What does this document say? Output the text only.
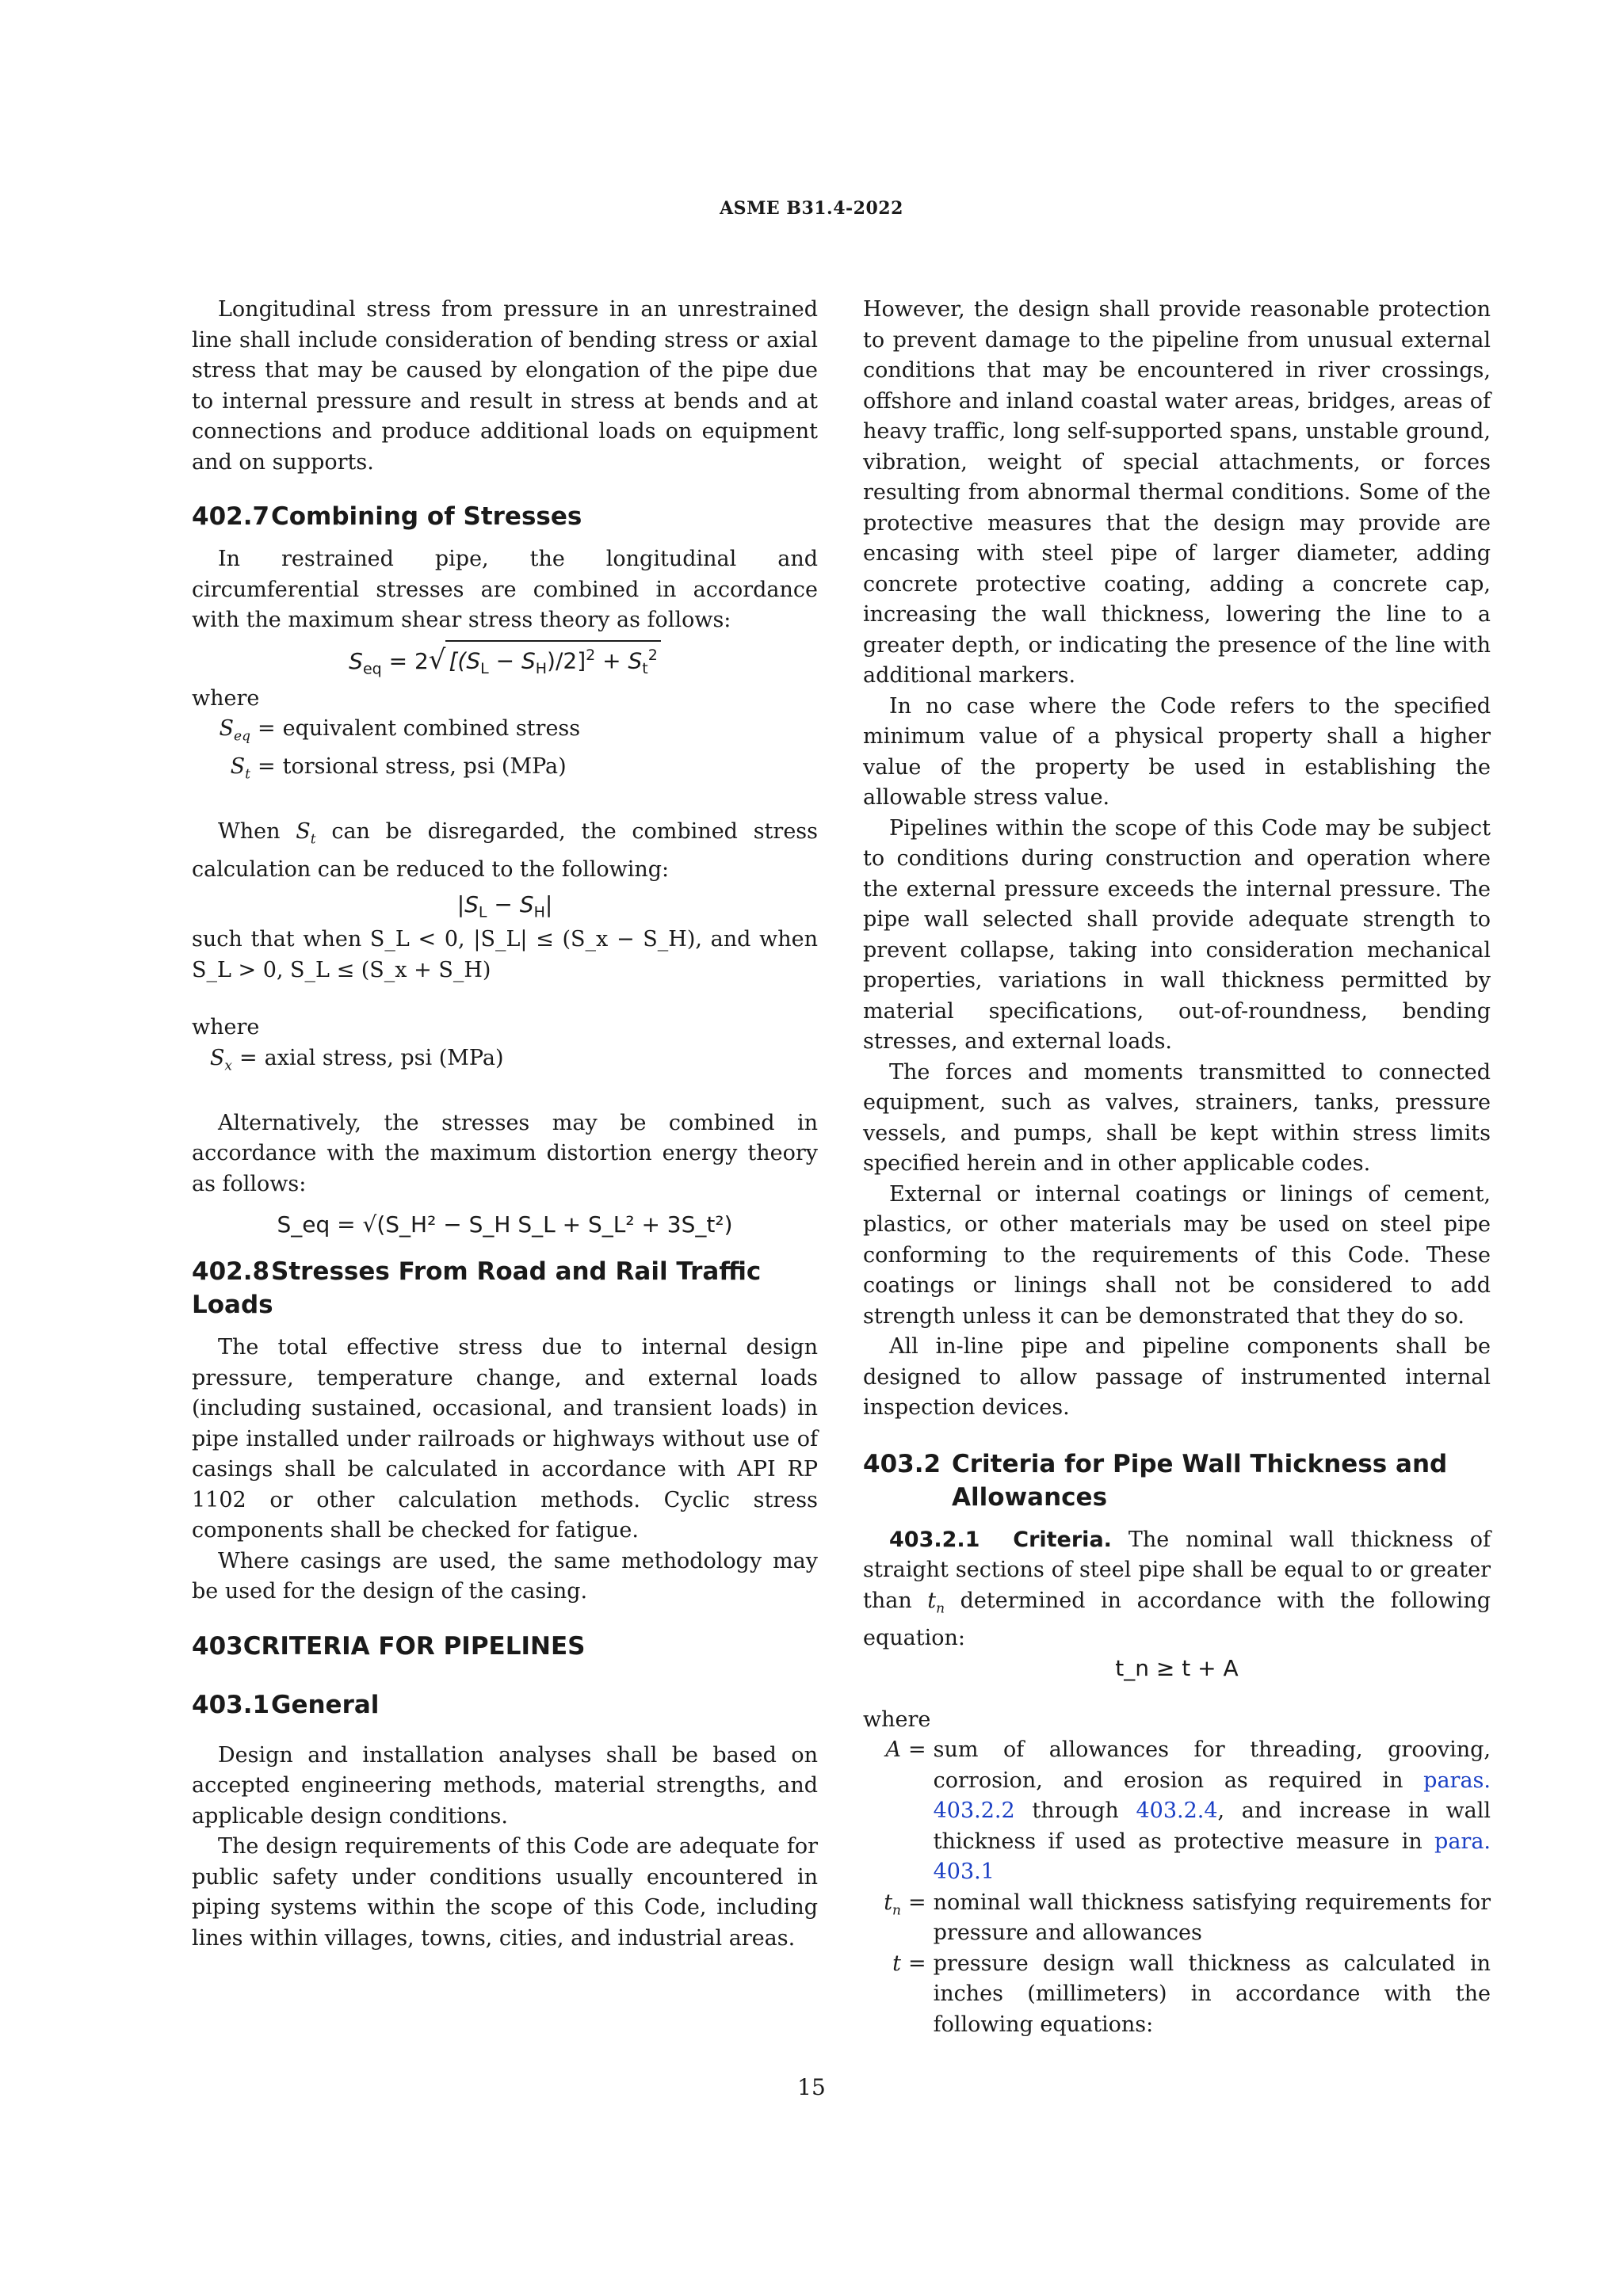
ASME B31.4-2022

Longitudinal stress from pressure in an unrestrained line shall include consideration of bending stress or axial stress that may be caused by elongation of the pipe due to internal pressure and result in stress at bends and at connections and produce additional loads on equipment and on supports.

402.7Combining of Stresses

In restrained pipe, the longitudinal and circumferential stresses are combined in accordance with the maximum shear stress theory as follows:

$S_{eq} = 2√$ $[(S_L - S_H)/2]^2 + S_t^2$

where

$S_{eq}$ = equivalent combined stress
$S_t$ = torsional stress, psi (MPa)

When $S_t$ can be disregarded, the combined stress calculation can be reduced to the following:

$|S_L - S_H|$

such that when S_L < 0, |S_L| ≤ (S_x − S_H), and when S_L > 0, S_L ≤ (S_x + S_H)

where

$S_x$ = axial stress, psi (MPa)

Alternatively, the stresses may be combined in accordance with the maximum distortion energy theory as follows:

S_eq = √(S_H² − S_H S_L + S_L² + 3S_t²)
402.8Stresses From Road and Rail Traffic Loads

The total effective stress due to internal design pressure, temperature change, and external loads (including sustained, occasional, and transient loads) in pipe installed under railroads or highways without use of casings shall be calculated in accordance with API RP 1102 or other calculation methods. Cyclic stress components shall be checked for fatigue.

Where casings are used, the same methodology may be used for the design of the casing.

403CRITERIA FOR PIPELINES
403.1General

Design and installation analyses shall be based on accepted engineering methods, material strengths, and applicable design conditions.

The design requirements of this Code are adequate for public safety under conditions usually encountered in piping systems within the scope of this Code, including lines within villages, towns, cities, and industrial areas.

However, the design shall provide reasonable protection to prevent damage to the pipeline from unusual external conditions that may be encountered in river crossings, offshore and inland coastal water areas, bridges, areas of heavy traffic, long self-supported spans, unstable ground, vibration, weight of special attachments, or forces resulting from abnormal thermal conditions. Some of the protective measures that the design may provide are encasing with steel pipe of larger diameter, adding concrete protective coating, adding a concrete cap, increasing the wall thickness, lowering the line to a greater depth, or indicating the presence of the line with additional markers.

In no case where the Code refers to the specified minimum value of a physical property shall a higher value of the property be used in establishing the allowable stress value.

Pipelines within the scope of this Code may be subject to conditions during construction and operation where the external pressure exceeds the internal pressure. The pipe wall selected shall provide adequate strength to prevent collapse, taking into consideration mechanical properties, variations in wall thickness permitted by material specifications, out-of-roundness, bending stresses, and external loads.

The forces and moments transmitted to connected equipment, such as valves, strainers, tanks, pressure vessels, and pumps, shall be kept within stress limits specified herein and in other applicable codes.

External or internal coatings or linings of cement, plastics, or other materials may be used on steel pipe conforming to the requirements of this Code. These coatings or linings shall not be considered to add strength unless it can be demonstrated that they do so.

All in-line pipe and pipeline components shall be designed to allow passage of instrumented internal inspection devices.

403.2 Criteria for Pipe Wall Thickness and Allowances

403.2.1 Criteria. The nominal wall thickness of straight sections of steel pipe shall be equal to or greater than $t_n$ determined in accordance with the following equation:

t_n ≥ t + A

where

A = sum of allowances for threading, grooving, corrosion, and erosion as required in paras. 403.2.2 through 403.2.4, and increase in wall thickness if used as protective measure in para. 403.1
$t_n$ = nominal wall thickness satisfying requirements for pressure and allowances
t = pressure design wall thickness as calculated in inches (millimeters) in accordance with the following equations:
15
